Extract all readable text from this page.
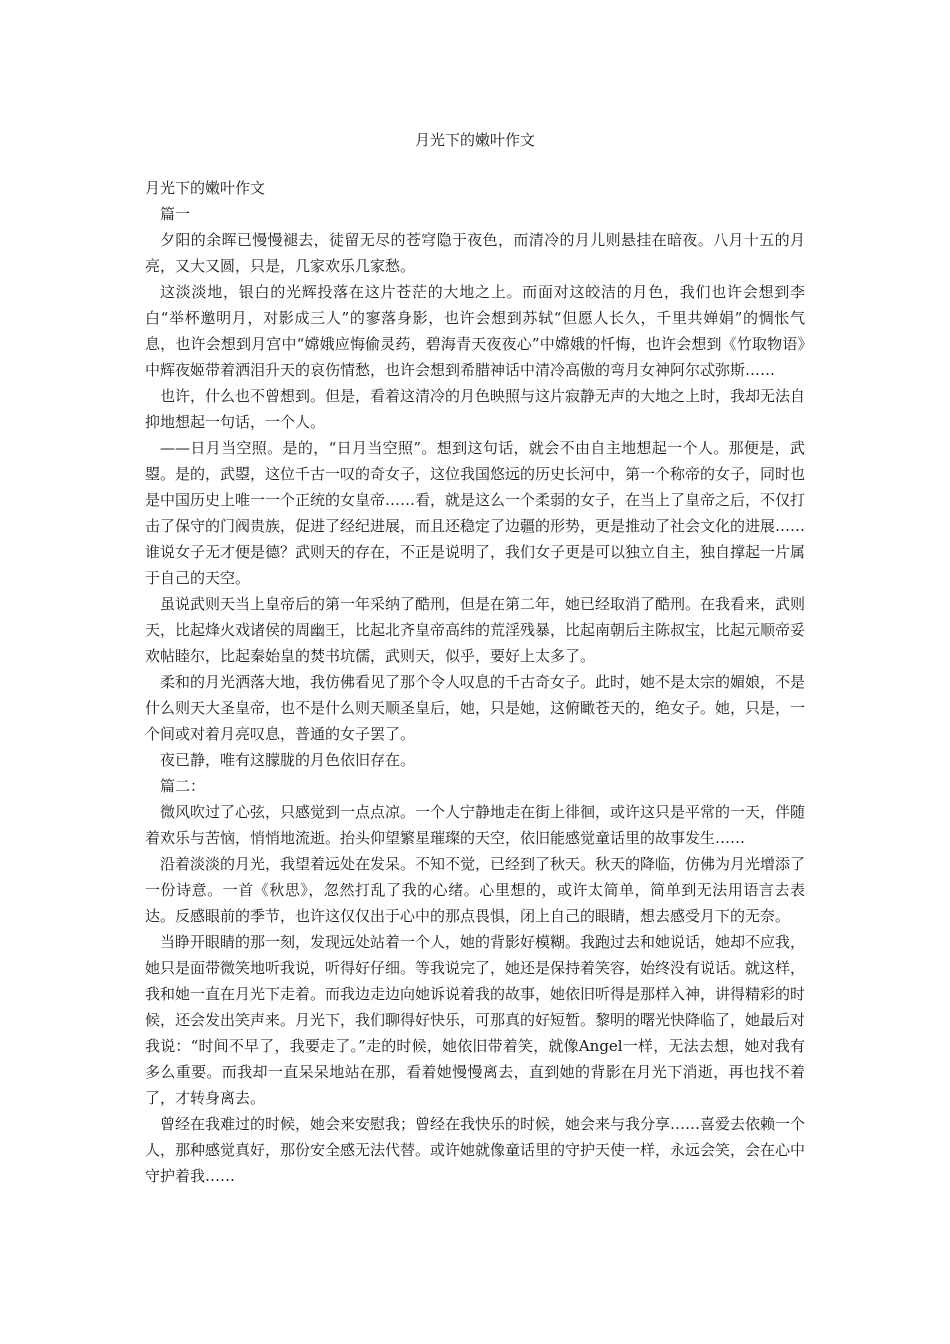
月光下的嫩叶作文

月光下的嫩叶作文

篇一

夕阳的余晖已慢慢褪去，徒留无尽的苍穹隐于夜色，而清冷的月儿则悬挂在暗夜。八月十五的月亮，又大又圆，只是，几家欢乐几家愁。

这淡淡地，银白的光辉投落在这片苍茫的大地之上。而面对这皎洁的月色，我们也许会想到李白“举杯邀明月，对影成三人”的寥落身影，也许会想到苏轼“但愿人长久，千里共婵娟”的惆怅气息，也许会想到月宫中“嫦娥应悔偷灵药，碧海青天夜夜心”中嫦娥的忏悔，也许会想到《竹取物语》中辉夜姬带着洒泪升天的哀伤情愁，也许会想到希腊神话中清冷高傲的弯月女神阿尔忒弥斯……

也许，什么也不曾想到。但是，看着这清冷的月色映照与这片寂静无声的大地之上时，我却无法自抑地想起一句话，一个人。

——日月当空照。是的，“日月当空照”。想到这句话，就会不由自主地想起一个人。那便是，武曌。是的，武曌，这位千古一叹的奇女子，这位我国悠远的历史长河中，第一个称帝的女子，同时也是中国历史上唯一一个正统的女皇帝……看，就是这么一个柔弱的女子，在当上了皇帝之后，不仅打击了保守的门阀贵族，促进了经纪进展，而且还稳定了边疆的形势，更是推动了社会文化的进展……谁说女子无才便是德？武则天的存在，不正是说明了，我们女子更是可以独立自主，独自撑起一片属于自己的天空。

虽说武则天当上皇帝后的第一年采纳了酷刑，但是在第二年，她已经取消了酷刑。在我看来，武则天，比起烽火戏诸侯的周幽王，比起北齐皇帝高纬的荒淫残暴，比起南朝后主陈叔宝，比起元顺帝妥欢帖睦尔，比起秦始皇的焚书坑儒，武则天，似乎，要好上太多了。

柔和的月光洒落大地，我仿佛看见了那个令人叹息的千古奇女子。此时，她不是太宗的媚娘，不是什么则天大圣皇帝，也不是什么则天顺圣皇后，她，只是她，这俯瞰苍天的，绝女子。她，只是，一个间或对着月亮叹息，普通的女子罢了。

夜已静，唯有这朦胧的月色依旧存在。

篇二：

微风吹过了心弦，只感觉到一点点凉。一个人宁静地走在街上徘徊，或许这只是平常的一天，伴随着欢乐与苦恼，悄悄地流逝。抬头仰望繁星璀璨的天空，依旧能感觉童话里的故事发生……

沿着淡淡的月光，我望着远处在发呆。不知不觉，已经到了秋天。秋天的降临，仿佛为月光增添了一份诗意。一首《秋思》，忽然打乱了我的心绪。心里想的，或许太简单，简单到无法用语言去表达。反感眼前的季节，也许这仅仅出于心中的那点畏惧，闭上自己的眼睛，想去感受月下的无奈。

当睁开眼睛的那一刻，发现远处站着一个人，她的背影好模糊。我跑过去和她说话，她却不应我，她只是面带微笑地听我说，听得好仔细。等我说完了，她还是保持着笑容，始终没有说话。就这样，我和她一直在月光下走着。而我边走边向她诉说着我的故事，她依旧听得是那样入神，讲得精彩的时候，还会发出笑声来。月光下，我们聊得好快乐，可那真的好短暂。黎明的曙光快降临了，她最后对我说：“时间不早了，我要走了。”走的时候，她依旧带着笑，就像Angel一样，无法去想，她对我有多么重要。而我却一直呆呆地站在那，看着她慢慢离去，直到她的背影在月光下消逝，再也找不着了，才转身离去。

曾经在我难过的时候，她会来安慰我；曾经在我快乐的时候，她会来与我分享……喜爱去依赖一个人，那种感觉真好，那份安全感无法代替。或许她就像童话里的守护天使一样，永远会笑，会在心中守护着我……
